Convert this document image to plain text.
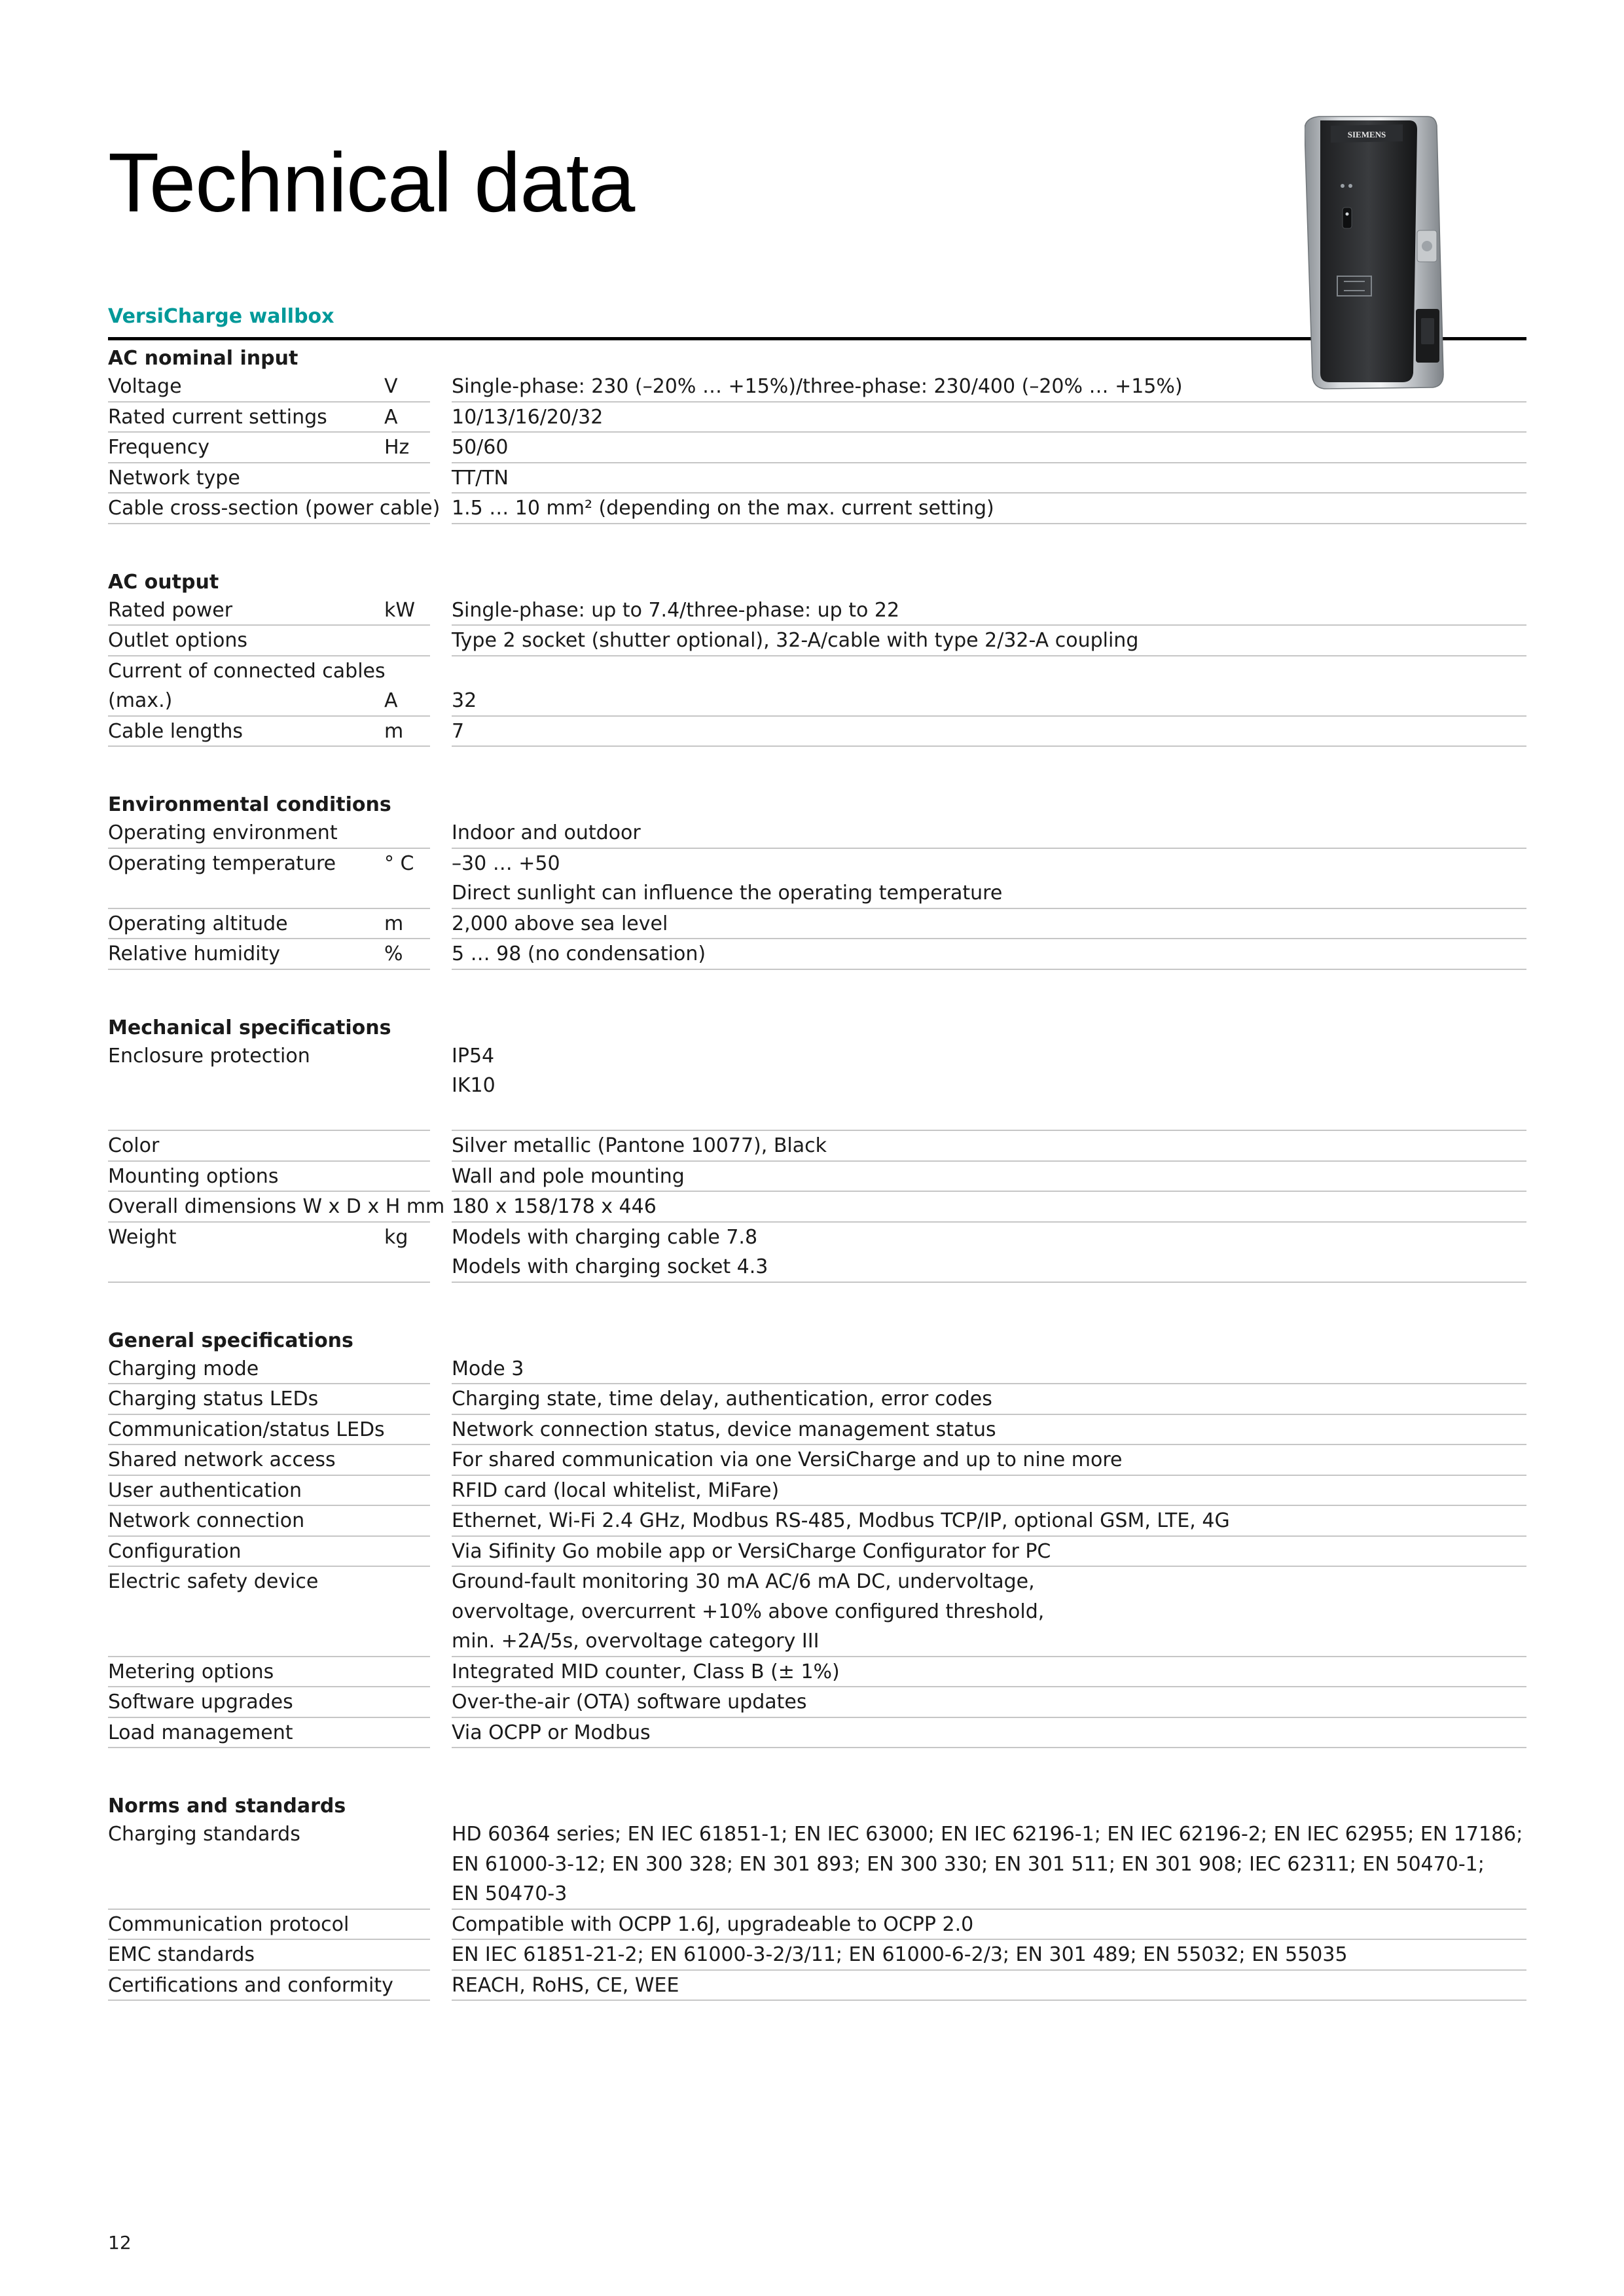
Technical data
VersiCharge wallbox
SIEMENS
AC nominal input
Voltage	V	Single-phase: 230 (–20% … +15%)/three-phase: 230/400 (–20% … +15%)
Rated current settings	A	10/13/16/20/32
Frequency	Hz 50/60
Network type	TT/TN
Cable cross-section (power cable) 1.5 … 10 mm² (depending on the max. current setting)
AC output
Rated power	kW Single-phase: up to 7.4/three-phase: up to 22
Outlet options	Type 2 socket (shutter optional), 32-A/cable with type 2/32-A coupling
Current of connected cables
(max.)	A	32
Cable lengths	m 7
Environmental conditions
Operating environment	Indoor and outdoor
Operating temperature ° C –30 … +50
Direct sunlight can influence the operating temperature
Operating altitude	m 2,000 above sea level
Relative humidity	% 5 … 98 (no condensation)
Mechanical specifications
Enclosure protection	IP54
IK10
Color	Silver metallic (Pantone 10077), Black
Mounting options	Wall and pole mounting
Overall dimensions W x D x H mm 180 x 158/178 x 446
Weight	kg Models with charging cable 7.8
Models with charging socket 4.3
General specifications
Charging mode	Mode 3
Charging status LEDs	Charging state, time delay, authentication, error codes
Communication/status LEDs	Network connection status, device management status
Shared network access	For shared communication via one VersiCharge and up to nine more
User authentication	RFID card (local whitelist, MiFare)
Network connection	Ethernet, Wi-Fi 2.4 GHz, Modbus RS-485, Modbus TCP/IP, optional GSM, LTE, 4G
Configuration	Via Sifinity Go mobile app or VersiCharge Configurator for PC
Electric safety device	Ground-fault monitoring 30 mA AC/6 mA DC, undervoltage,
overvoltage, overcurrent +10% above configured threshold,
min. +2A/5s, overvoltage category III
Metering options	Integrated MID counter, Class B (± 1%)
Software upgrades	Over-the-air (OTA) software updates
Load management	Via OCPP or Modbus
Norms and standards
Charging standards	HD 60364 series; EN IEC 61851-1; EN IEC 63000; EN IEC 62196-1; EN IEC 62196-2; EN IEC 62955; EN 17186;
EN 61000-3-12; EN 300 328; EN 301 893; EN 300 330; EN 301 511; EN 301 908; IEC 62311; EN 50470-1;
EN 50470-3
Communication protocol	Compatible with OCPP 1.6J, upgradeable to OCPP 2.0
EMC standards	EN IEC 61851-21-2; EN 61000-3-2/3/11; EN 61000-6-2/3; EN 301 489; EN 55032; EN 55035
Certifications and conformity	REACH, RoHS, CE, WEE
12
